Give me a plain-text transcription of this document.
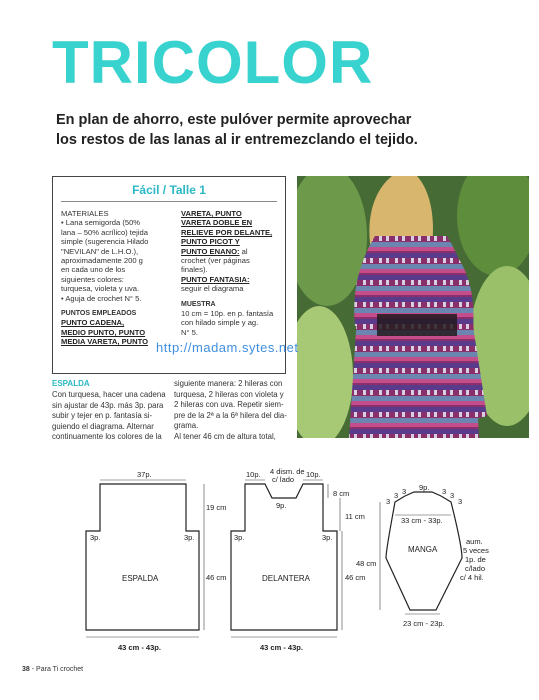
TRICOLOR
En plan de ahorro, este pulóver permite aprovechar
los restos de las lanas al ir entremezclando el tejido.
Fácil / Talle 1
MATERIALES
• Lana semigorda (50%
lana – 50% acrílico) tejida
simple (sugerencia Hilado
"NEVILAN" de L.H.O.),
aproximadamente 200 g
en cada uno de los
siguientes colores:
turquesa, violeta y uva.
• Aguja de crochet N° 5.
PUNTOS EMPLEADOS
PUNTO CADENA,
MEDIO PUNTO, PUNTO
MEDIA VARETA, PUNTO
VARETA, PUNTO
VARETA DOBLE EN
RELIEVE POR DELANTE,
PUNTO PICOT Y
PUNTO ENANO: al
crochet (ver páginas
finales).
PUNTO FANTASIA:
seguir el diagrama
MUESTRA
10 cm = 10p. en p. fantasía
con hilado simple y ag.
N° 5.
http://madam.sytes.net
ESPALDA
Con turquesa, hacer una cadena
sin ajustar de 43p. más 3p. para
subir y tejer en p. fantasía si-
guiendo el diagrama. Alternar
continuamente los colores de la
siguiente manera: 2 hileras con
turquesa, 2 hileras con violeta y
2 hileras con uva. Repetir siem-
pre de la 2ª a la 6ª hilera del dia-
grama.
Al tener 46 cm de altura total,
37p.
19 cm
46 cm
3p.	3p.
ESPALDA
43 cm - 43p.
4 dism. de
c/ lado
10p.	10p.
9p.
8 cm
11 cm
46 cm
3p.	3p.
DELANTERA
43 cm - 43p.
9p.
3
3 3	3 3
3
33 cm - 33p.
MANGA
48 cm
23 cm - 23p.
aum.
5 veces
1p. de
c/lado
c/ 4 hil.
38 - Para Ti crochet
